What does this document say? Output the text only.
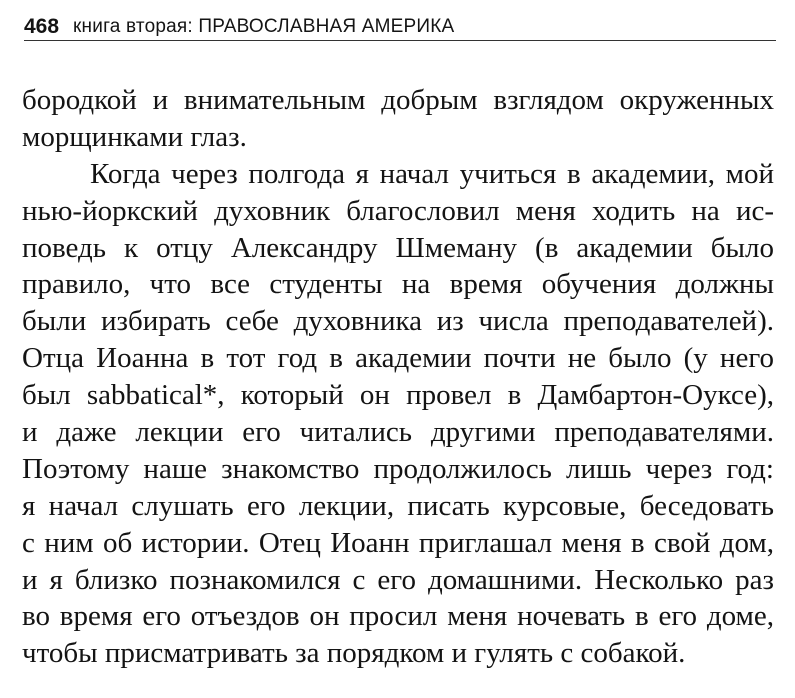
468 книга вторая: ПРАВОСЛАВНАЯ АМЕРИКА
бородкой и внимательным добрым взглядом окруженных
морщинками глаз.
Когда через полгода я начал учиться в академии, мой
нью-йоркский духовник благословил меня ходить на ис-
поведь к отцу Александру Шмеману (в академии было
правило, что все студенты на время обучения должны
были избирать себе духовника из числа преподавателей).
Отца Иоанна в тот год в академии почти не было (у него
был sabbatical*, который он провел в Дамбартон-Оуксе),
и даже лекции его читались другими преподавателями.
Поэтому наше знакомство продолжилось лишь через год:
я начал слушать его лекции, писать курсовые, беседовать
с ним об истории. Отец Иоанн приглашал меня в свой дом,
и я близко познакомился с его домашними. Несколько раз
во время его отъездов он просил меня ночевать в его доме,
чтобы присматривать за порядком и гулять с собакой.
